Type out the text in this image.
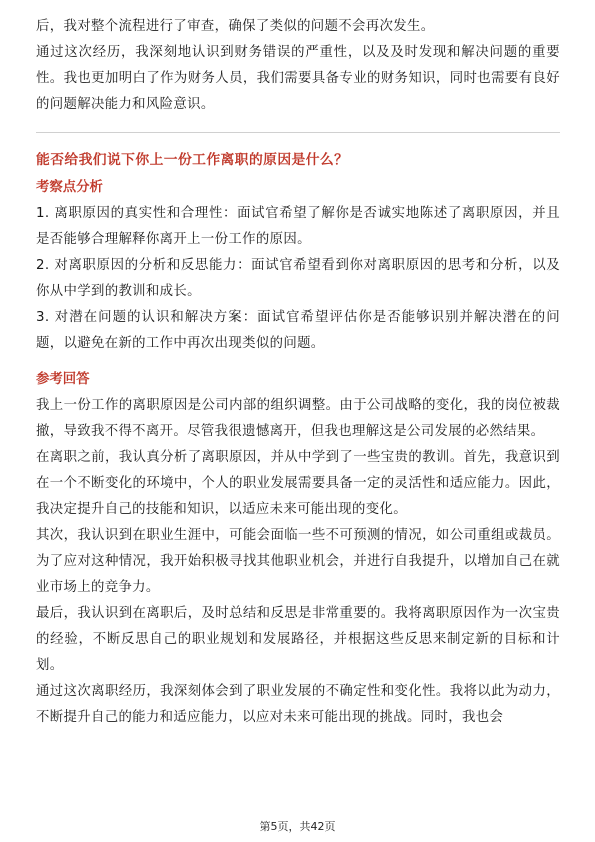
后，我对整个流程进行了审查，确保了类似的问题不会再次发生。

通过这次经历，我深刻地认识到财务错误的严重性，以及及时发现和解决问题的重要性。我也更加明白了作为财务人员，我们需要具备专业的财务知识，同时也需要有良好的问题解决能力和风险意识。

能否给我们说下你上一份工作离职的原因是什么？
考察点分析

1. 离职原因的真实性和合理性：面试官希望了解你是否诚实地陈述了离职原因，并且是否能够合理解释你离开上一份工作的原因。

2. 对离职原因的分析和反思能力：面试官希望看到你对离职原因的思考和分析，以及你从中学到的教训和成长。

3. 对潜在问题的认识和解决方案：面试官希望评估你是否能够识别并解决潜在的问题，以避免在新的工作中再次出现类似的问题。

参考回答

我上一份工作的离职原因是公司内部的组织调整。由于公司战略的变化，我的岗位被裁撤，导致我不得不离开。尽管我很遗憾离开，但我也理解这是公司发展的必然结果。

在离职之前，我认真分析了离职原因，并从中学到了一些宝贵的教训。首先，我意识到在一个不断变化的环境中，个人的职业发展需要具备一定的灵活性和适应能力。因此，我决定提升自己的技能和知识，以适应未来可能出现的变化。

其次，我认识到在职业生涯中，可能会面临一些不可预测的情况，如公司重组或裁员。为了应对这种情况，我开始积极寻找其他职业机会，并进行自我提升，以增加自己在就业市场上的竞争力。

最后，我认识到在离职后，及时总结和反思是非常重要的。我将离职原因作为一次宝贵的经验，不断反思自己的职业规划和发展路径，并根据这些反思来制定新的目标和计划。

通过这次离职经历，我深刻体会到了职业发展的不确定性和变化性。我将以此为动力，不断提升自己的能力和适应能力，以应对未来可能出现的挑战。同时，我也会

第5页，共42页
